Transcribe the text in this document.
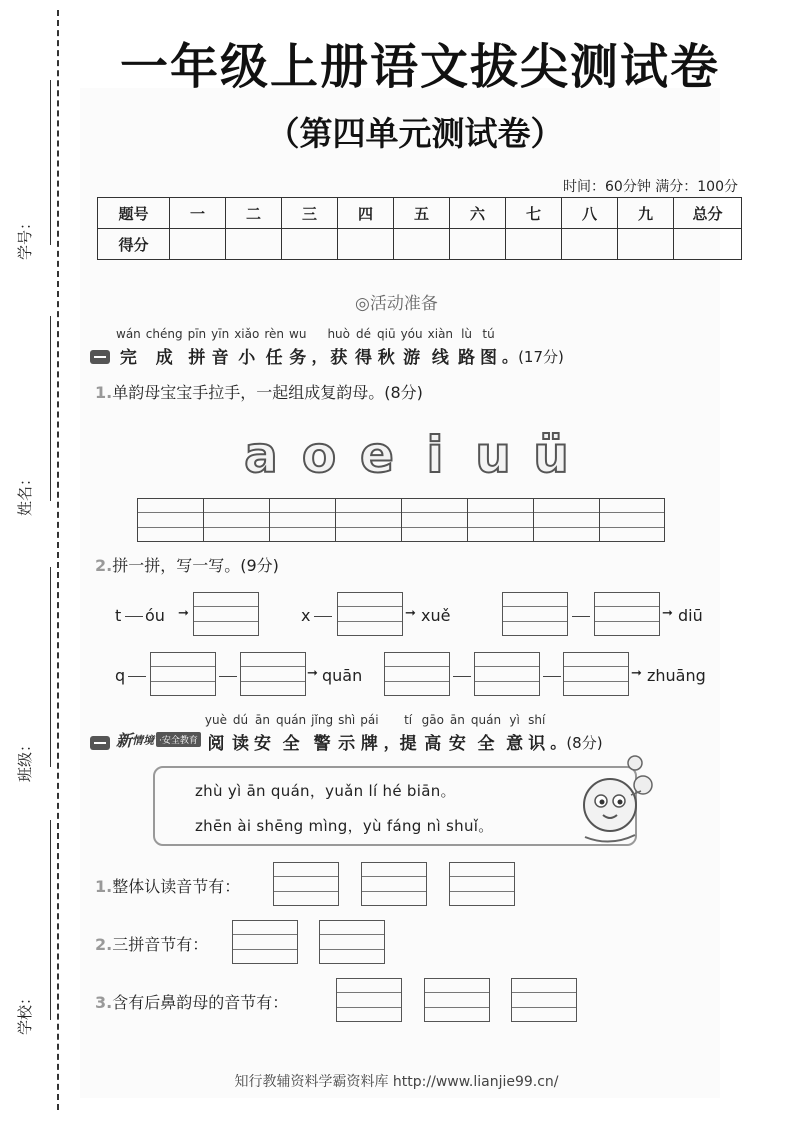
学号：
姓名：
班级：
学校：
一年级上册语文拔尖测试卷
（第四单元测试卷）
时间：60分钟 满分：100分
题号	一	二	三	四	五	六	七	八	九	总分
得分										
◎活动准备
wán
完
chéng
成
pīn
拼
yīn
音
xiǎo
小
rèn
任
wu
务 ，
huò
获
dé
得
qiū
秋
yóu
游
xiàn
线
lù
路
tú
图 。 (17分)
1.单韵母宝宝手拉手，一起组成复韵母。(8分)
a o e i u ü
2.拼一拼，写一写。(9分)
t óu ➞	x	➞ xuě	➞ diū
q	➞ quān	➞ zhuāng
新 情境 ·安全教育
yuè
阅
dú
读
ān
安
quán
全
jǐng
警
shì
示
pái
牌 ，
tí
提
gāo
高
ān
安
quán
全
yì
意
shí
识 。 (8分)
zhù yì ān quán，yuǎn lí hé biān。
zhēn ài shēng mìng，yù fáng nì shuǐ。
1.整体认读音节有：
2.三拼音节有：
3.含有后鼻韵母的音节有：
知行教辅资料学霸资料库 http://www.lianjie99.cn/
